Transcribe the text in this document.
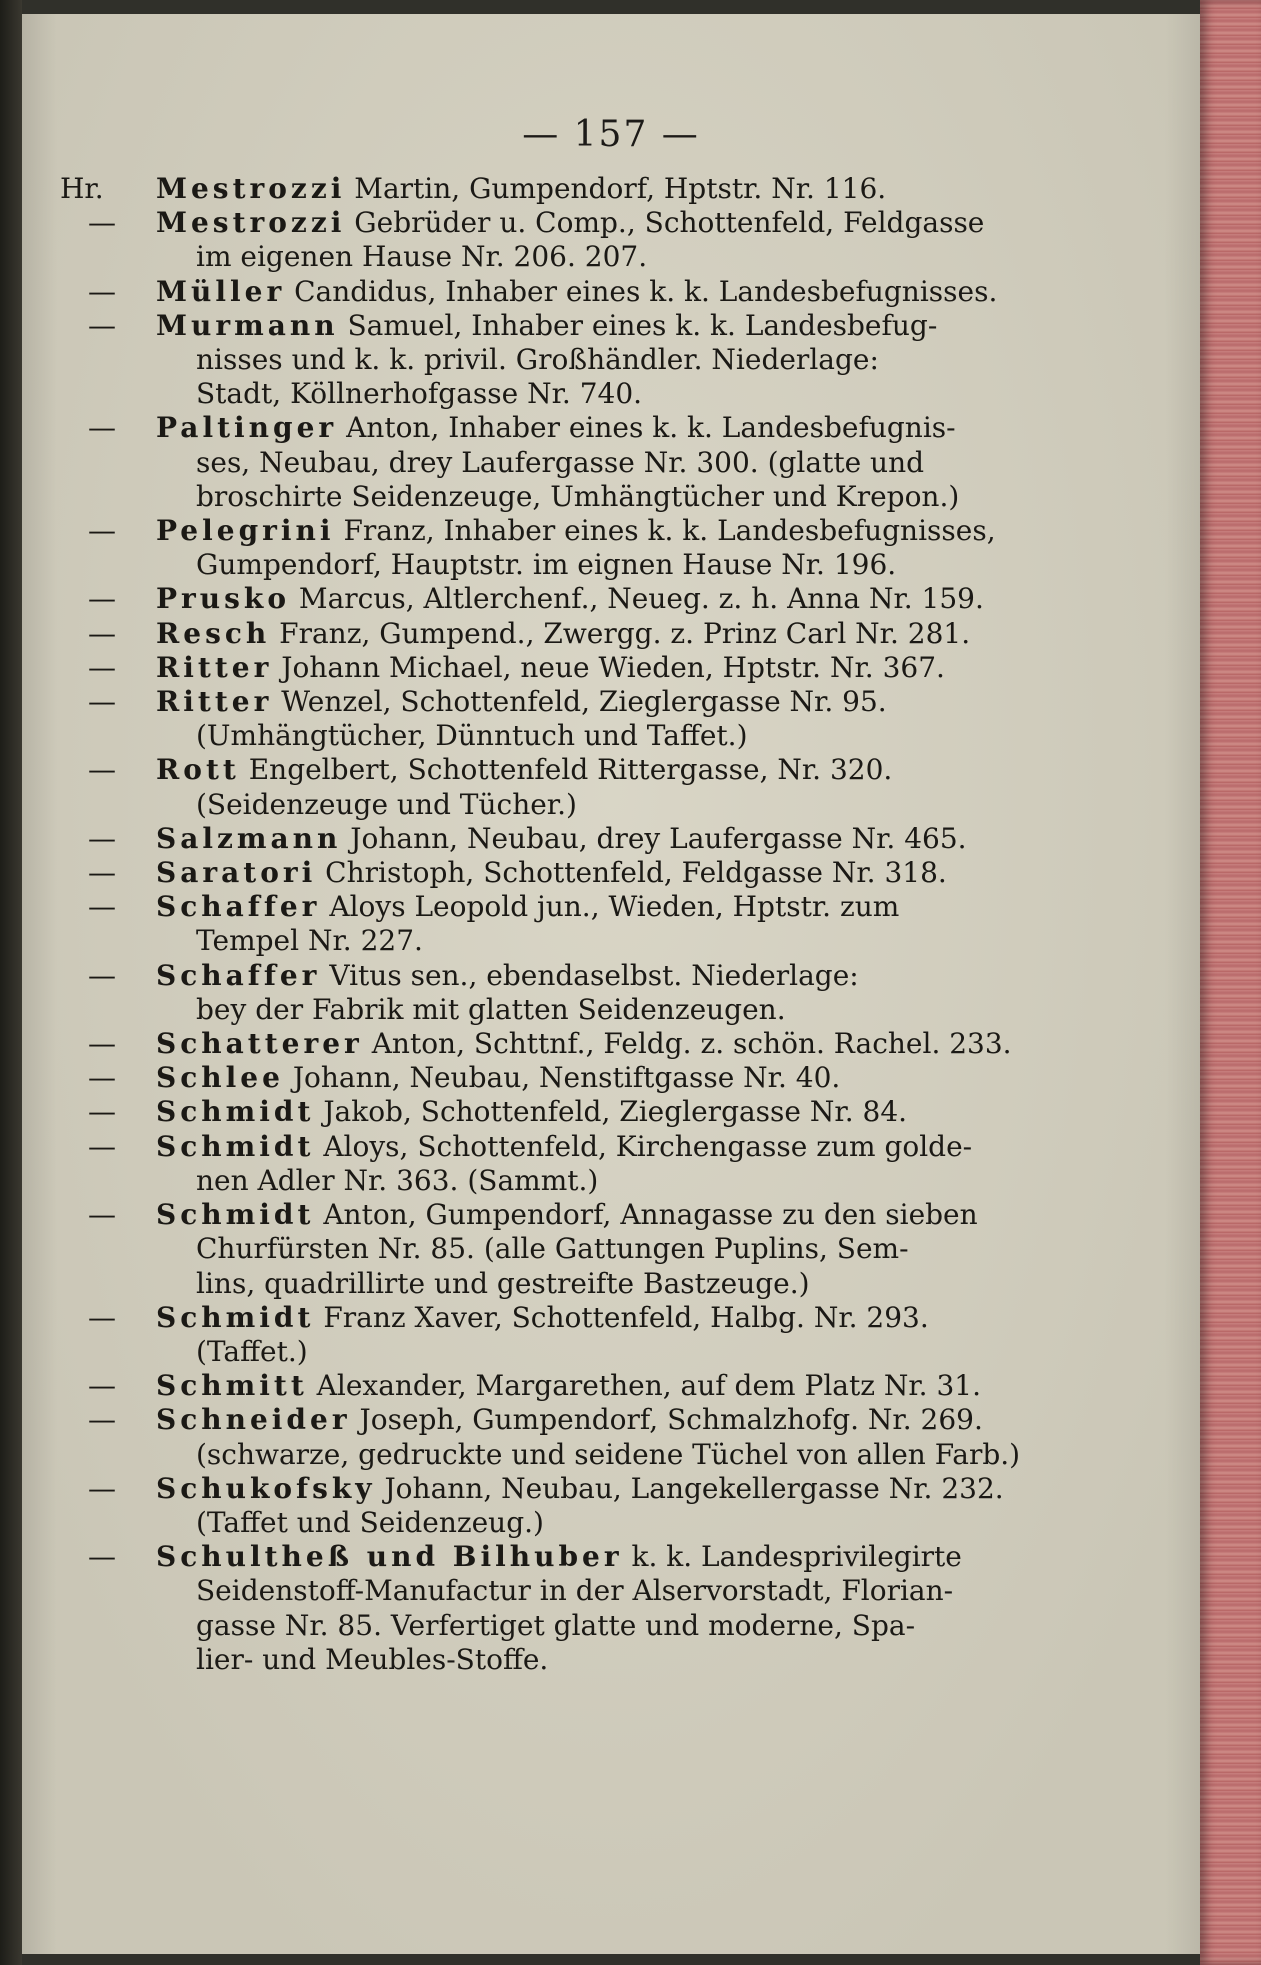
— 157 —
Hr.	Mestrozzi Martin, Gumpendorf, Hptstr. Nr. 116.
—	Mestrozzi Gebrüder u. Comp., Schottenfeld, Feldgasse
im eigenen Hause Nr. 206. 207.
—	Müller Candidus, Inhaber eines k. k. Landesbefugnisses.
—	Murmann Samuel, Inhaber eines k. k. Landesbefug-
nisses und k. k. privil. Großhändler. Niederlage:
Stadt, Köllnerhofgasse Nr. 740.
—	Paltinger Anton, Inhaber eines k. k. Landesbefugnis-
ses, Neubau, drey Laufergasse Nr. 300. (glatte und
broschirte Seidenzeuge, Umhängtücher und Krepon.)
—	Pelegrini Franz, Inhaber eines k. k. Landesbefugnisses,
Gumpendorf, Hauptstr. im eignen Hause Nr. 196.
—	Prusko Marcus, Altlerchenf., Neueg. z. h. Anna Nr. 159.
—	Resch Franz, Gumpend., Zwergg. z. Prinz Carl Nr. 281.
—	Ritter Johann Michael, neue Wieden, Hptstr. Nr. 367.
—	Ritter Wenzel, Schottenfeld, Zieglergasse Nr. 95.
(Umhängtücher, Dünntuch und Taffet.)
—	Rott Engelbert, Schottenfeld Rittergasse, Nr. 320.
(Seidenzeuge und Tücher.)
—	Salzmann Johann, Neubau, drey Laufergasse Nr. 465.
—	Saratori Christoph, Schottenfeld, Feldgasse Nr. 318.
—	Schaffer Aloys Leopold jun., Wieden, Hptstr. zum
Tempel Nr. 227.
—	Schaffer Vitus sen., ebendaselbst. Niederlage:
bey der Fabrik mit glatten Seidenzeugen.
—	Schatterer Anton, Schttnf., Feldg. z. schön. Rachel. 233.
—	Schlee Johann, Neubau, Nenstiftgasse Nr. 40.
—	Schmidt Jakob, Schottenfeld, Zieglergasse Nr. 84.
—	Schmidt Aloys, Schottenfeld, Kirchengasse zum golde-
nen Adler Nr. 363. (Sammt.)
—	Schmidt Anton, Gumpendorf, Annagasse zu den sieben
Churfürsten Nr. 85. (alle Gattungen Puplins, Sem-
lins, quadrillirte und gestreifte Bastzeuge.)
—	Schmidt Franz Xaver, Schottenfeld, Halbg. Nr. 293.
(Taffet.)
—	Schmitt Alexander, Margarethen, auf dem Platz Nr. 31.
—	Schneider Joseph, Gumpendorf, Schmalzhofg. Nr. 269.
(schwarze, gedruckte und seidene Tüchel von allen Farb.)
—	Schukofsky Johann, Neubau, Langekellergasse Nr. 232.
(Taffet und Seidenzeug.)
—	Schultheß und Bilhuber k. k. Landesprivilegirte
Seidenstoff-Manufactur in der Alservorstadt, Florian-
gasse Nr. 85. Verfertiget glatte und moderne, Spa-
lier- und Meubles-Stoffe.
